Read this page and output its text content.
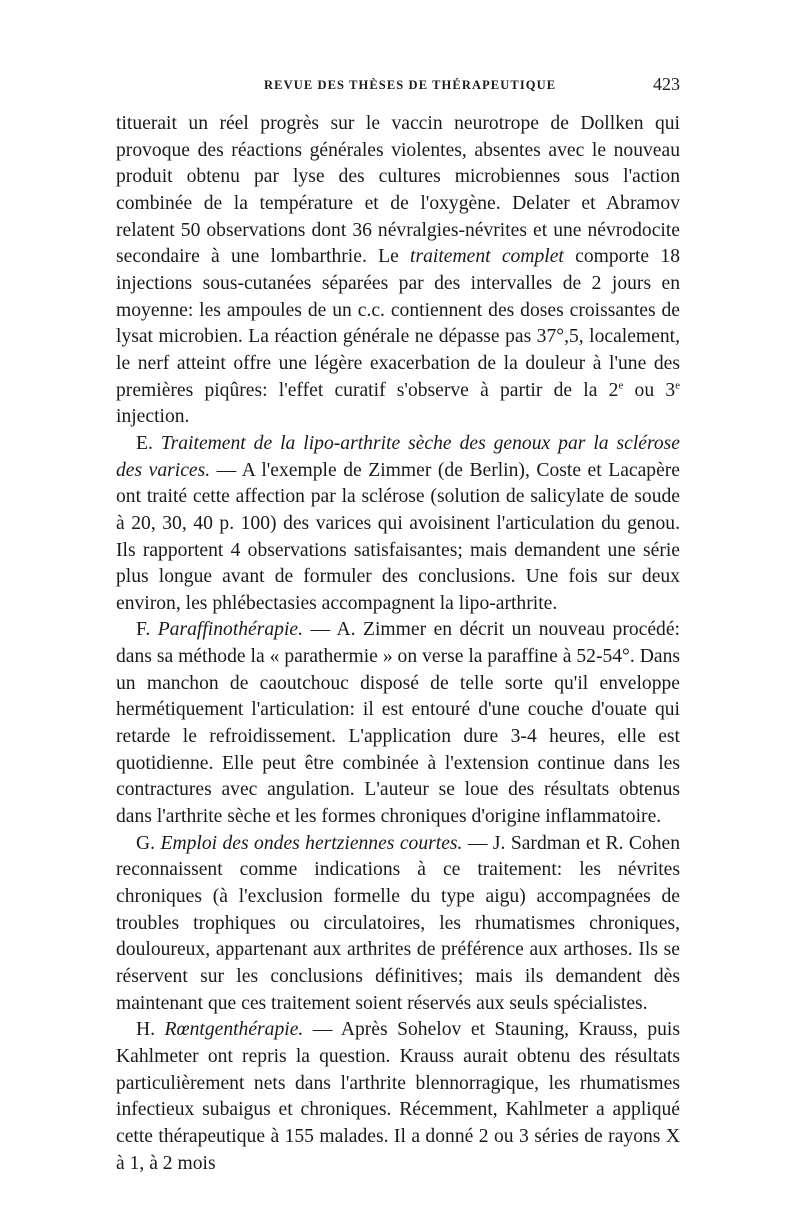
REVUE DES THÈSES DE THÉRAPEUTIQUE	423

tituerait un réel progrès sur le vaccin neurotrope de Dollken qui provoque des réactions générales violentes, absentes avec le nouveau produit obtenu par lyse des cultures microbiennes sous l'action combinée de la température et de l'oxygène. Delater et Abramov relatent 50 observations dont 36 névralgies-névrites et une névrodocite secondaire à une lombarthrie. Le traitement complet comporte 18 injections sous-cutanées séparées par des intervalles de 2 jours en moyenne: les ampoules de un c.c. contiennent des doses croissantes de lysat microbien. La réaction générale ne dépasse pas 37°,5, localement, le nerf atteint offre une légère exacerbation de la douleur à l'une des premières piqûres: l'effet curatif s'observe à partir de la 2e ou 3e injection.

E. Traitement de la lipo-arthrite sèche des genoux par la sclérose des varices. — A l'exemple de Zimmer (de Berlin), Coste et Lacapère ont traité cette affection par la sclérose (solution de salicylate de soude à 20, 30, 40 p. 100) des varices qui avoisinent l'articulation du genou. Ils rapportent 4 observations satisfaisantes; mais demandent une série plus longue avant de formuler des conclusions. Une fois sur deux environ, les phlébectasies accompagnent la lipo-arthrite.

F. Paraffinothérapie. — A. Zimmer en décrit un nouveau procédé: dans sa méthode la « parathermie » on verse la paraffine à 52-54°. Dans un manchon de caoutchouc disposé de telle sorte qu'il enveloppe hermétiquement l'articulation: il est entouré d'une couche d'ouate qui retarde le refroidissement. L'application dure 3-4 heures, elle est quotidienne. Elle peut être combinée à l'extension continue dans les contractures avec angulation. L'auteur se loue des résultats obtenus dans l'arthrite sèche et les formes chroniques d'origine inflammatoire.

G. Emploi des ondes hertziennes courtes. — J. Sardman et R. Cohen reconnaissent comme indications à ce traitement: les névrites chroniques (à l'exclusion formelle du type aigu) accompagnées de troubles trophiques ou circulatoires, les rhumatismes chroniques, douloureux, appartenant aux arthrites de préférence aux arthoses. Ils se réservent sur les conclusions définitives; mais ils demandent dès maintenant que ces traitement soient réservés aux seuls spécialistes.

H. Rœntgenthérapie. — Après Sohelov et Stauning, Krauss, puis Kahlmeter ont repris la question. Krauss aurait obtenu des résultats particulièrement nets dans l'arthrite blennorragique, les rhumatismes infectieux subaigus et chroniques. Récemment, Kahlmeter a appliqué cette thérapeutique à 155 malades. Il a donné 2 ou 3 séries de rayons X à 1, à 2 mois
